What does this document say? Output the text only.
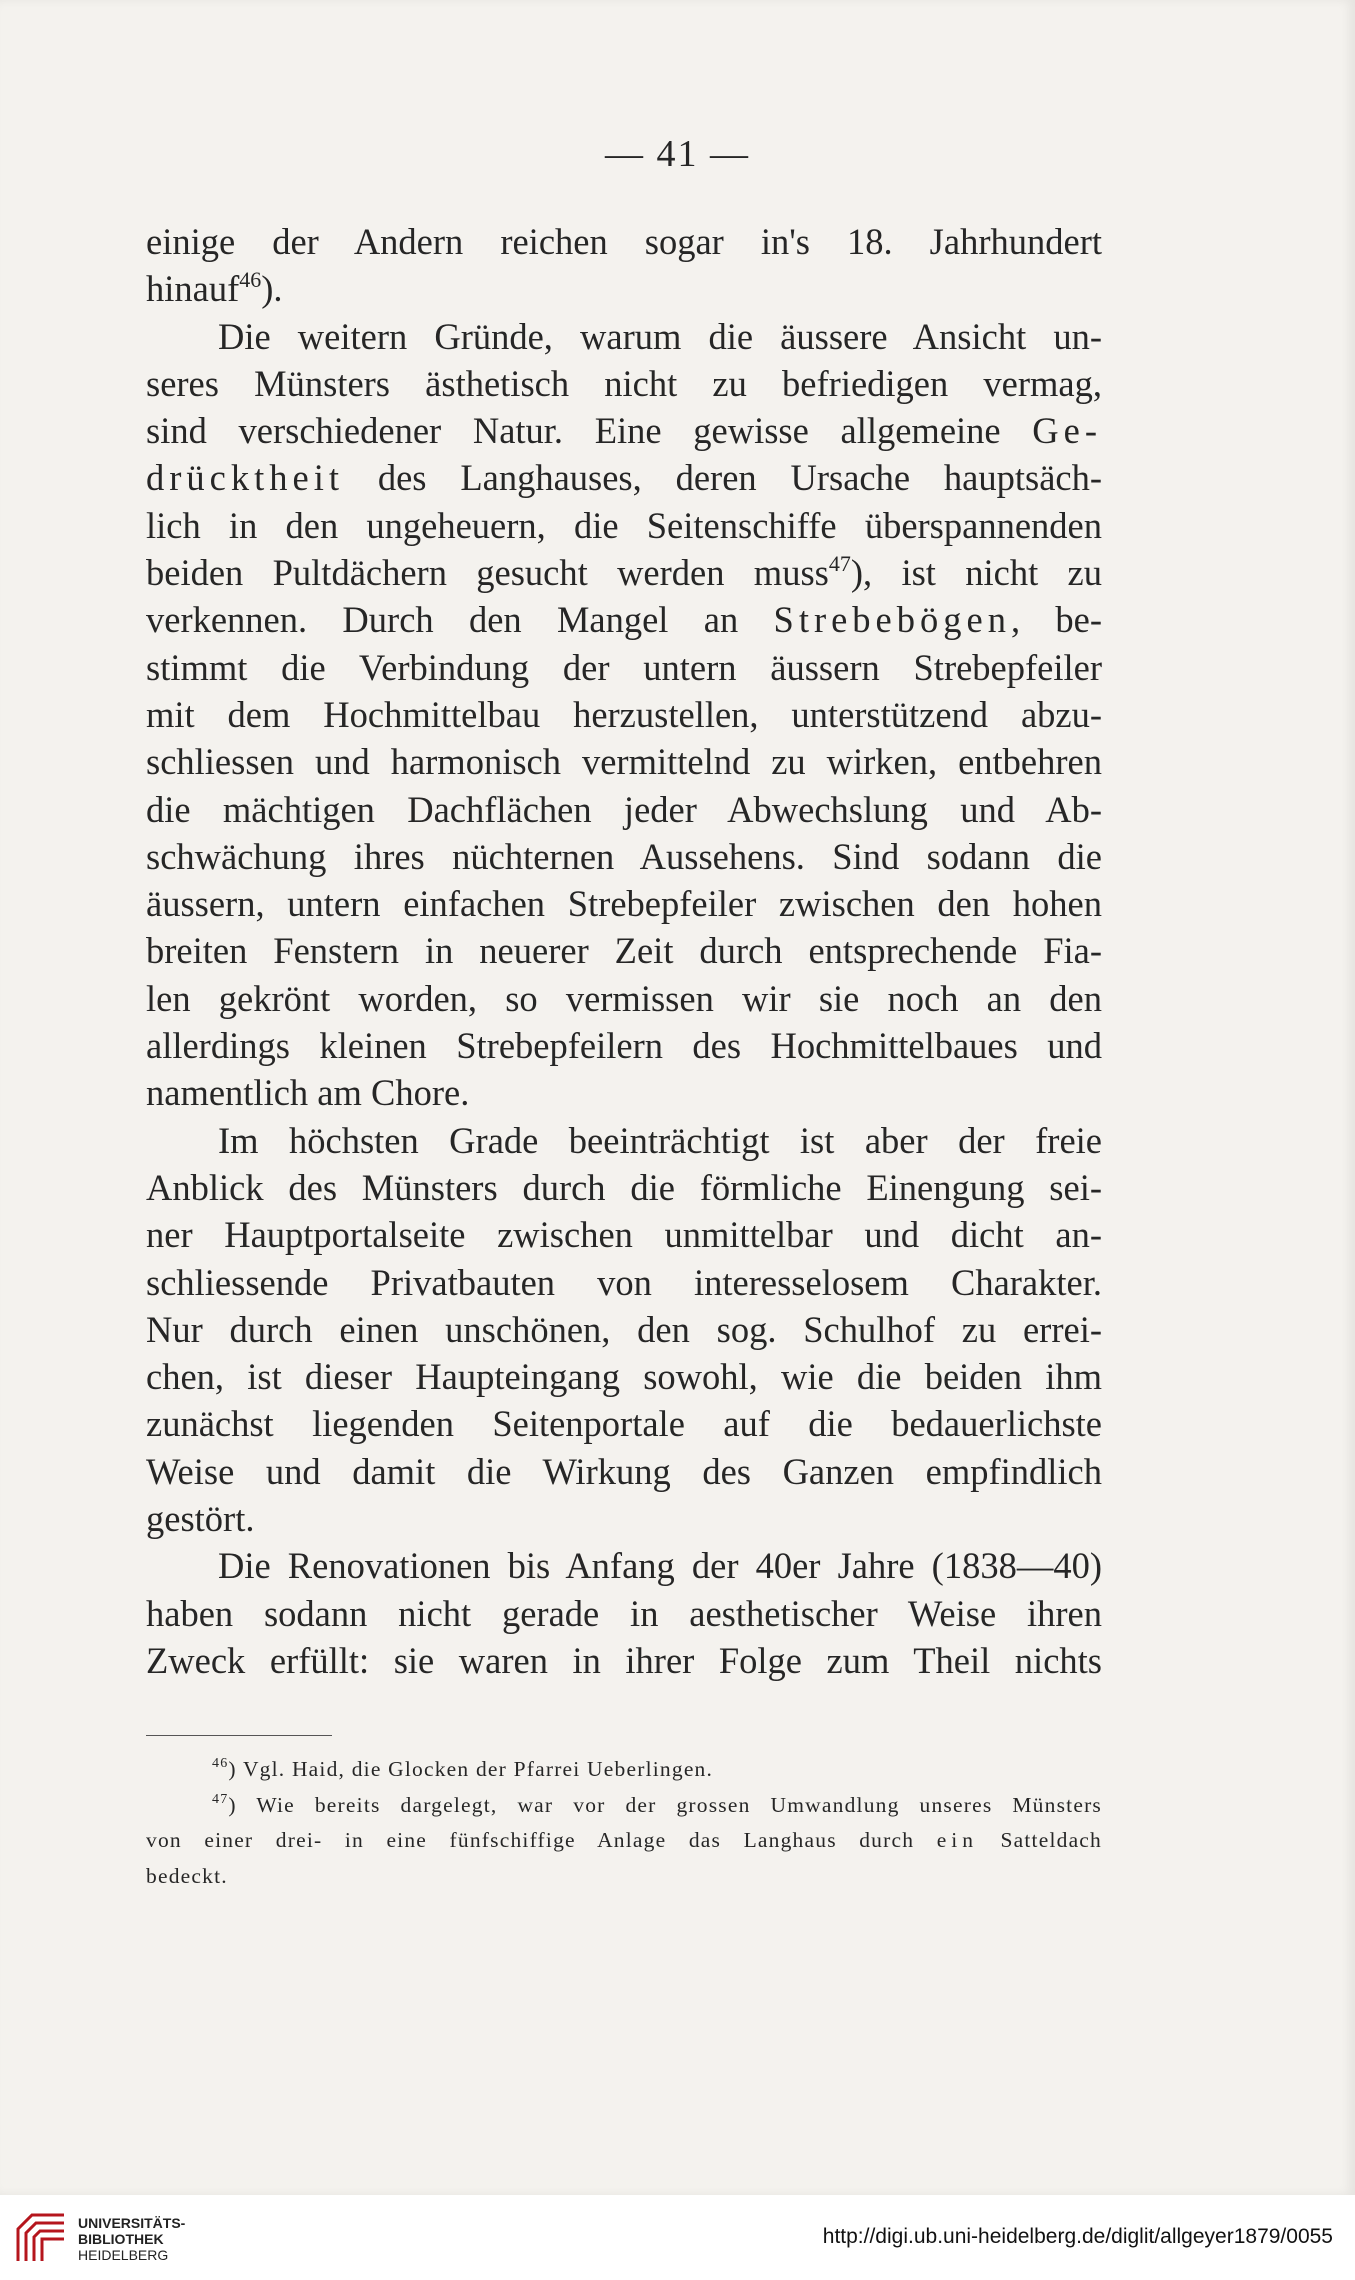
— 41 —
einige der Andern reichen sogar in's 18. Jahrhundert
hinauf$^{46}$).
Die weitern Gründe, warum die äussere Ansicht un-
seres Münsters ästhetisch nicht zu befriedigen vermag,
sind verschiedener Natur. Eine gewisse allgemeine Ge-
drücktheit des Langhauses, deren Ursache hauptsäch-
lich in den ungeheuern, die Seitenschiffe überspannenden
beiden Pultdächern gesucht werden muss$^{47}$), ist nicht zu
verkennen. Durch den Mangel an Strebebögen, be-
stimmt die Verbindung der untern äussern Strebepfeiler
mit dem Hochmittelbau herzustellen, unterstützend abzu-
schliessen und harmonisch vermittelnd zu wirken, entbehren
die mächtigen Dachflächen jeder Abwechslung und Ab-
schwächung ihres nüchternen Aussehens. Sind sodann die
äussern, untern einfachen Strebepfeiler zwischen den hohen
breiten Fenstern in neuerer Zeit durch entsprechende Fia-
len gekrönt worden, so vermissen wir sie noch an den
allerdings kleinen Strebepfeilern des Hochmittelbaues und
namentlich am Chore.
Im höchsten Grade beeinträchtigt ist aber der freie
Anblick des Münsters durch die förmliche Einengung sei-
ner Hauptportalseite zwischen unmittelbar und dicht an-
schliessende Privatbauten von interesselosem Charakter.
Nur durch einen unschönen, den sog. Schulhof zu errei-
chen, ist dieser Haupteingang sowohl, wie die beiden ihm
zunächst liegenden Seitenportale auf die bedauerlichste
Weise und damit die Wirkung des Ganzen empfindlich
gestört.
Die Renovationen bis Anfang der 40er Jahre (1838—40)
haben sodann nicht gerade in aesthetischer Weise ihren
Zweck erfüllt: sie waren in ihrer Folge zum Theil nichts
$^{46}$) Vgl. Haid, die Glocken der Pfarrei Ueberlingen.
$^{47}$) Wie bereits dargelegt, war vor der grossen Umwandlung unseres Münsters
von einer drei- in eine fünfschiffige Anlage das Langhaus durch ein Satteldach
bedeckt.
UNIVERSITÄTS-
BIBLIOTHEK
HEIDELBERG
http://digi.ub.uni-heidelberg.de/diglit/allgeyer1879/0055
